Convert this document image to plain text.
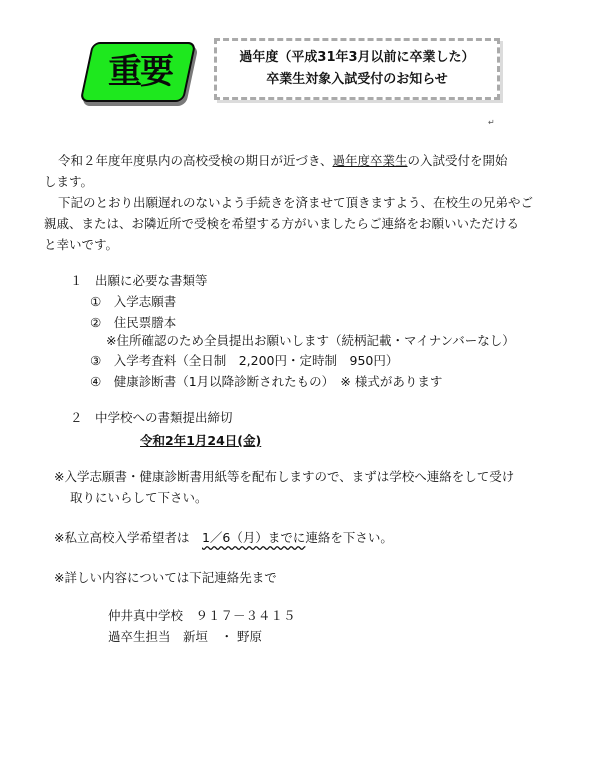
重要	過年度（平成31年3月以前に卒業した）
卒業生対象入試受付のお知らせ
↵
令和２年度年度県内の高校受検の期日が近づき、過年度卒業生の入試受付を開始
します。
下記のとおり出願遅れのないよう手続きを済ませて頂きますよう、在校生の兄弟やご
親戚、または、お隣近所で受検を希望する方がいましたらご連絡をお願いいただける
と幸いです。
１　出願に必要な書類等
①　入学志願書
②　住民票謄本
※住所確認のため全員提出お願いします（続柄記載・マイナンバーなし）
③　入学考査料（全日制　2,200円・定時制　950円）
④　健康診断書（1月以降診断されたもの）　※ 様式があります
２　中学校への書類提出締切
令和2年1月24日(金)
※入学志願書・健康診断書用紙等を配布しますので、まずは学校へ連絡をして受け
取りにいらして下さい。
※私立高校入学希望者は　1／6（月）までに連絡を下さい。
※詳しい内容については下記連絡先まで
仲井真中学校　９１７－３４１５
過卒生担当　新垣　・ 野原
